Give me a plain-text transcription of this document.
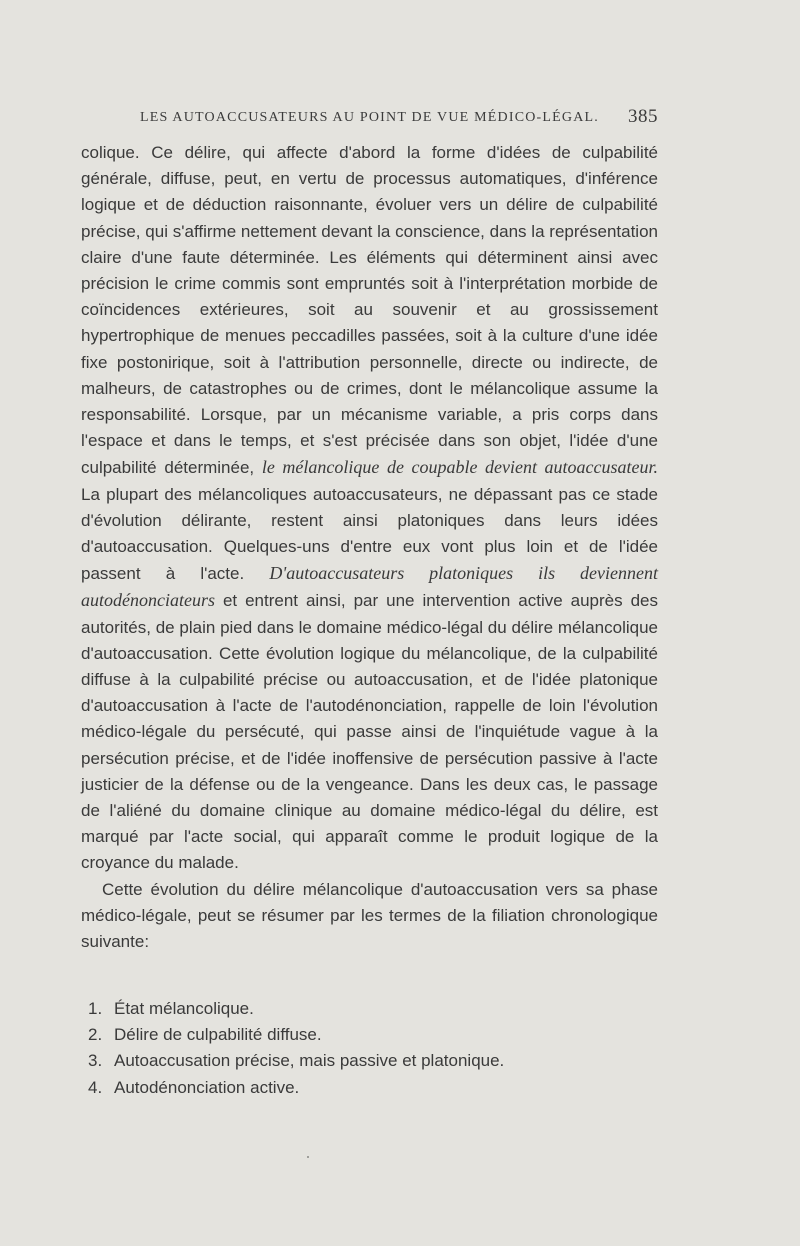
LES AUTOACCUSATEURS AU POINT DE VUE MÉDICO-LÉGAL. 385

colique. Ce délire, qui affecte d'abord la forme d'idées de culpabilité générale, diffuse, peut, en vertu de processus automatiques, d'inférence logique et de déduction raisonnante, évoluer vers un délire de culpabilité précise, qui s'affirme nettement devant la conscience, dans la représentation claire d'une faute déterminée. Les éléments qui déterminent ainsi avec précision le crime commis sont empruntés soit à l'interprétation morbide de coïncidences extérieures, soit au souvenir et au grossissement hypertrophique de menues peccadilles passées, soit à la culture d'une idée fixe postonirique, soit à l'attribution personnelle, directe ou indirecte, de malheurs, de catastrophes ou de crimes, dont le mélancolique assume la responsabilité. Lorsque, par un mécanisme variable, a pris corps dans l'espace et dans le temps, et s'est précisée dans son objet, l'idée d'une culpabilité déterminée, le mélancolique de coupable devient autoaccusateur. La plupart des mélancoliques autoaccusateurs, ne dépassant pas ce stade d'évolution délirante, restent ainsi platoniques dans leurs idées d'autoaccusation. Quelques-uns d'entre eux vont plus loin et de l'idée passent à l'acte. D'autoaccusateurs platoniques ils deviennent autodénonciateurs et entrent ainsi, par une intervention active auprès des autorités, de plain pied dans le domaine médico-légal du délire mélancolique d'autoaccusation. Cette évolution logique du mélancolique, de la culpabilité diffuse à la culpabilité précise ou autoaccusation, et de l'idée platonique d'autoaccusation à l'acte de l'autodénonciation, rappelle de loin l'évolution médico-légale du persécuté, qui passe ainsi de l'inquiétude vague à la persécution précise, et de l'idée inoffensive de persécution passive à l'acte justicier de la défense ou de la vengeance. Dans les deux cas, le passage de l'aliéné du domaine clinique au domaine médico-légal du délire, est marqué par l'acte social, qui apparaît comme le produit logique de la croyance du malade.

Cette évolution du délire mélancolique d'autoaccusation vers sa phase médico-légale, peut se résumer par les termes de la filiation chronologique suivante:

1. État mélancolique.
2. Délire de culpabilité diffuse.
3. Autoaccusation précise, mais passive et platonique.
4. Autodénonciation active.
